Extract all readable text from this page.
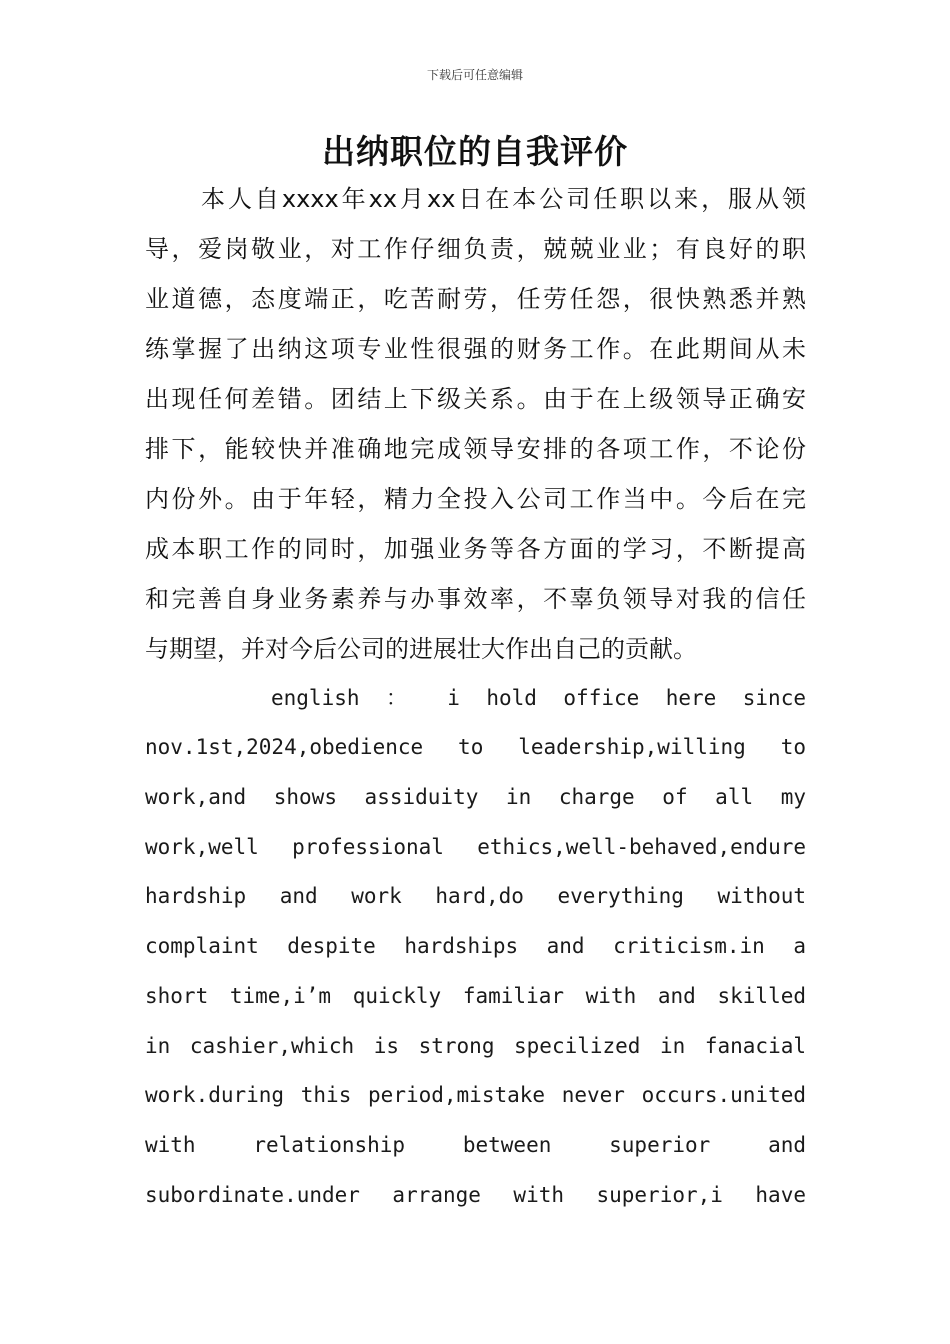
下载后可任意编辑
出纳职位的自我评价
本人自xxxx年xx月xx日在本公司任职以来，服从领
导，爱岗敬业，对工作仔细负责，兢兢业业；有良好的职
业道德，态度端正，吃苦耐劳，任劳任怨，很快熟悉并熟
练掌握了出纳这项专业性很强的财务工作。在此期间从未
出现任何差错。团结上下级关系。由于在上级领导正确安
排下，能较快并准确地完成领导安排的各项工作，不论份
内份外。由于年轻，精力全投入公司工作当中。今后在完
成本职工作的同时，加强业务等各方面的学习，不断提高
和完善自身业务素养与办事效率，不辜负领导对我的信任
与期望，并对今后公司的进展壮大作出自己的贡献。
english ： i hold office here since
nov.1st,2024,obedience to leadership,willing to
work,and shows assiduity in charge of all my
work,well professional ethics,well-behaved,endure
hardship and work hard,do everything without
complaint despite hardships and criticism.in a
short time,i’m quickly familiar with and skilled
in cashier,which is strong specilized in fanacial
work.during this period,mistake never occurs.united
with relationship between superior and
subordinate.under arrange with superior,i have
